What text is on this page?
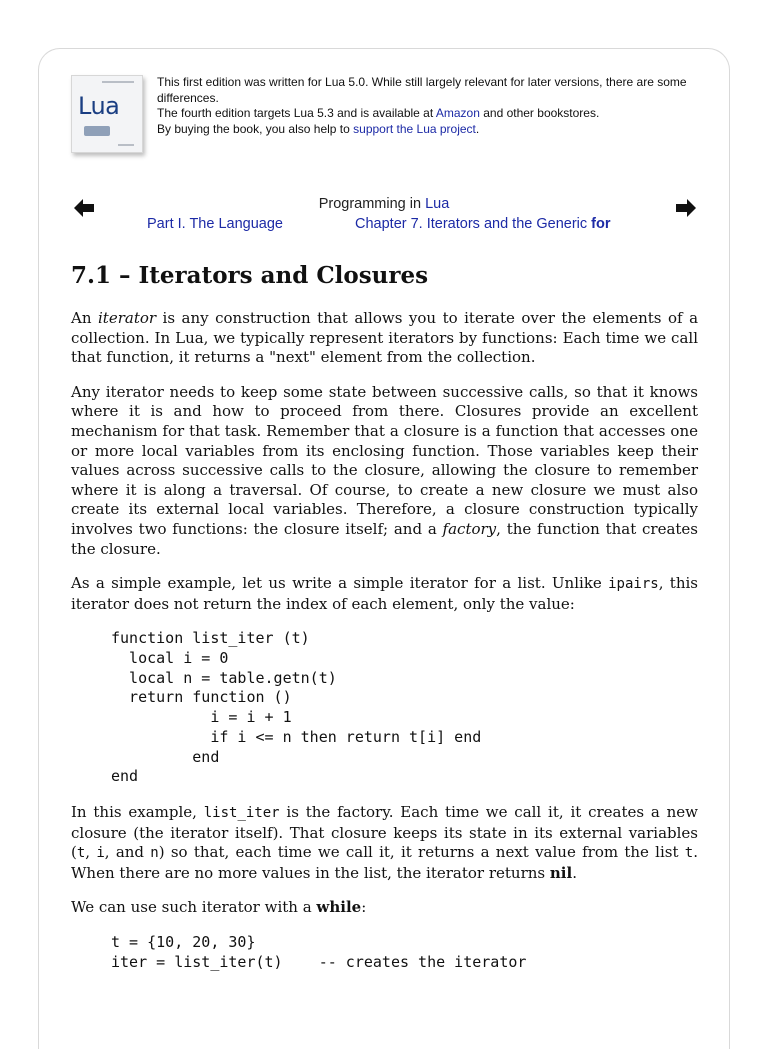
Lua

This first edition was written for Lua 5.0. While still largely relevant for later versions, there are some differences.

The fourth edition targets Lua 5.3 and is available at Amazon and other bookstores.

By buying the book, you also help to support the Lua project.

Programming in Lua
Part I. The Language	Chapter 7. Iterators and the Generic for
7.1 – Iterators and Closures

An iterator is any construction that allows you to iterate over the elements of a collection. In Lua, we typically represent iterators by functions: Each time we call that function, it returns a "next" element from the collection.

Any iterator needs to keep some state between successive calls, so that it knows where it is and how to proceed from there. Closures provide an excellent mechanism for that task. Remember that a closure is a function that accesses one or more local variables from its enclosing function. Those variables keep their values across successive calls to the closure, allowing the closure to remember where it is along a traversal. Of course, to create a new closure we must also create its external local variables. Therefore, a closure construction typically involves two functions: the closure itself; and a factory, the function that creates the closure.

As a simple example, let us write a simple iterator for a list. Unlike ipairs, this iterator does not return the index of each element, only the value:

function list_iter (t)
local i = 0
local n = table.getn(t)
return function ()
i = i + 1
if i <= n then return t[i] end
end
end

In this example, list_iter is the factory. Each time we call it, it creates a new closure (the iterator itself). That closure keeps its state in its external variables (t, i, and n) so that, each time we call it, it returns a next value from the list t. When there are no more values in the list, the iterator returns nil.

We can use such iterator with a while:

t = {10, 20, 30}
iter = list_iter(t)    -- creates the iterator
